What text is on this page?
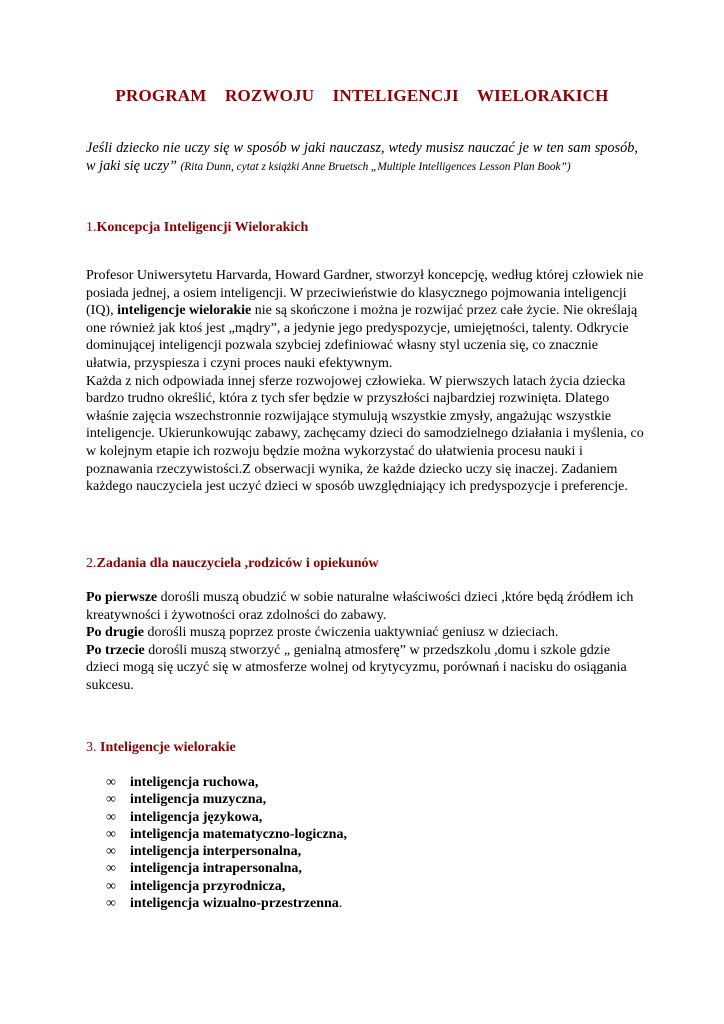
PROGRAM ROZWOJU INTELIGENCJI WIELORAKICH
Jeśli dziecko nie uczy się w sposób w jaki nauczasz, wtedy musisz nauczać je w ten sam sposób, w jaki się uczy” (Rita Dunn, cytat z książki Anne Bruetsch „Multiple Intelligences Lesson Plan Book”)
1.Koncepcja Inteligencji Wielorakich

Profesor Uniwersytetu Harvarda, Howard Gardner, stworzył koncepcję, według której człowiek nie posiada jednej, a osiem inteligencji. W przeciwieństwie do klasycznego pojmowania inteligencji (IQ), inteligencje wielorakie nie są skończone i można je rozwijać przez całe życie. Nie określają one również jak ktoś jest „mądry”, a jedynie jego predyspozycje, umiejętności, talenty. Odkrycie dominującej inteligencji pozwala szybciej zdefiniować własny styl uczenia się, co znacznie ułatwia, przyspiesza i czyni proces nauki efektywnym.

Każda z nich odpowiada innej sferze rozwojowej człowieka. W pierwszych latach życia dziecka bardzo trudno określić, która z tych sfer będzie w przyszłości najbardziej rozwinięta. Dlatego właśnie zajęcia wszechstronnie rozwijające stymulują wszystkie zmysły, angażując wszystkie inteligencje. Ukierunkowując zabawy, zachęcamy dzieci do samodzielnego działania i myślenia, co w kolejnym etapie ich rozwoju będzie można wykorzystać do ułatwienia procesu nauki i poznawania rzeczywistości.Z obserwacji wynika, że każde dziecko uczy się inaczej. Zadaniem każdego nauczyciela jest uczyć dzieci w sposób uwzględniający ich predyspozycje i preferencje.

2.Zadania dla nauczyciela ,rodziców i opiekunów

Po pierwsze dorośli muszą obudzić w sobie naturalne właściwości dzieci ,które będą źródłem ich kreatywności i żywotności oraz zdolności do zabawy.

Po drugie dorośli muszą poprzez proste ćwiczenia uaktywniać geniusz w dzieciach.

Po trzecie dorośli muszą stworzyć „ genialną atmosferę” w przedszkolu ,domu i szkole gdzie dzieci mogą się uczyć się w atmosferze wolnej od krytycyzmu, porównań i nacisku do osiągania sukcesu.

3. Inteligencje wielorakie
∞ inteligencja ruchowa,
∞ inteligencja muzyczna,
∞ inteligencja językowa,
∞ inteligencja matematyczno-logiczna,
∞ inteligencja interpersonalna,
∞ inteligencja intrapersonalna,
∞ inteligencja przyrodnicza,
∞ inteligencja wizualno-przestrzenna.
